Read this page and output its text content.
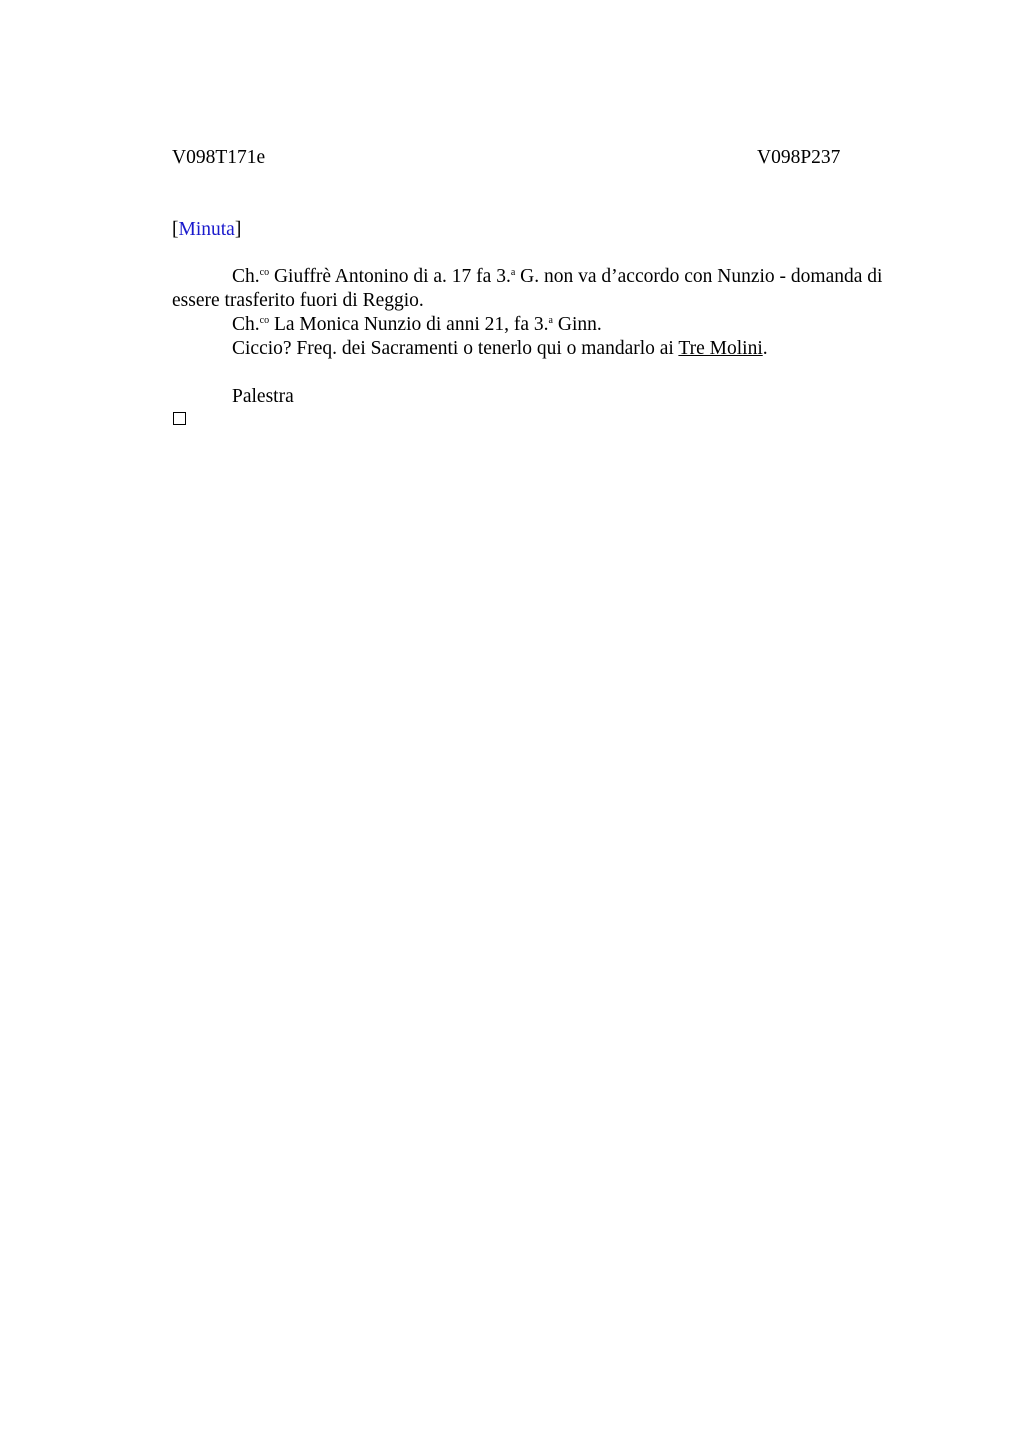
V098T171e	V098P237
[Minuta]

Ch.$^{co}$ Giuffrè Antonino di a. 17 fa 3.$^a$ G. non va d’accordo con Nunzio - domanda di essere trasferito fuori di Reggio.

Ch.$^{co}$ La Monica Nunzio di anni 21, fa 3.$^a$ Ginn.

Ciccio? Freq. dei Sacramenti o tenerlo qui o mandarlo ai Tre Molini.

Palestra
